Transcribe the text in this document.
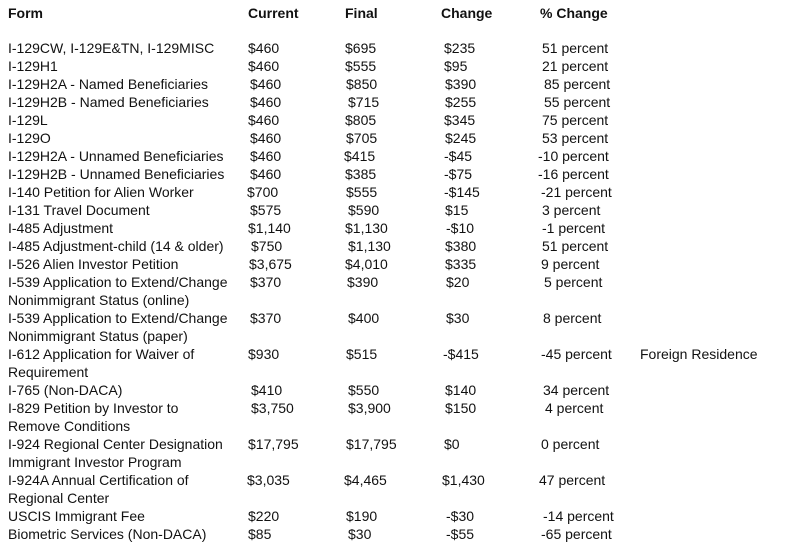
Form	Current	Final	Change	% Change
I-129CW, I-129E&TN, I-129MISC $460	$695	$235	51 percent
I-129H1	$460	$555	$95	21 percent
I-129H2A - Named Beneficiaries	$460	$850	$390	85 percent
I-129H2B - Named Beneficiaries	$460	$715	$255	55 percent
I-129L	$460	$805	$345	75 percent
I-129O	$460	$705	$245	53 percent
I-129H2A - Unnamed Beneficiaries $460	$415	-$45	-10 percent
I-129H2B - Unnamed Beneficiaries $460	$385	-$75	-16 percent
I-140 Petition for Alien Worker	$700	$555	-$145	-21 percent
I-131 Travel Document	$575	$590	$15	3 percent
I-485 Adjustment	$1,140	$1,130	-$10	-1 percent
I-485 Adjustment-child (14 & older) $750	$1,130	$380	51 percent
I-526 Alien Investor Petition	$3,675	$4,010	$335	9 percent
I-539 Application to Extend/Change Nonimmigrant Status (online)
$370	$390	$20	5 percent
I-539 Application to Extend/Change Nonimmigrant Status (paper)
$370	$400	$30	8 percent
I-612 Application for Waiver of Requirement
$930	$515	-$415	-45 percent Foreign Residence
I-765 (Non-DACA)	$410	$550	$140	34 percent
I-829 Petition by Investor to Remove Conditions
$3,750	$3,900	$150	4 percent
I-924 Regional Center Designation Immigrant Investor Program
$17,795	$17,795	$0	0 percent
I-924A Annual Certification of Regional Center
$3,035	$4,465	$1,430	47 percent
USCIS Immigrant Fee	$220	$190	-$30	-14 percent
Biometric Services (Non-DACA)	$85	$30	-$55	-65 percent
